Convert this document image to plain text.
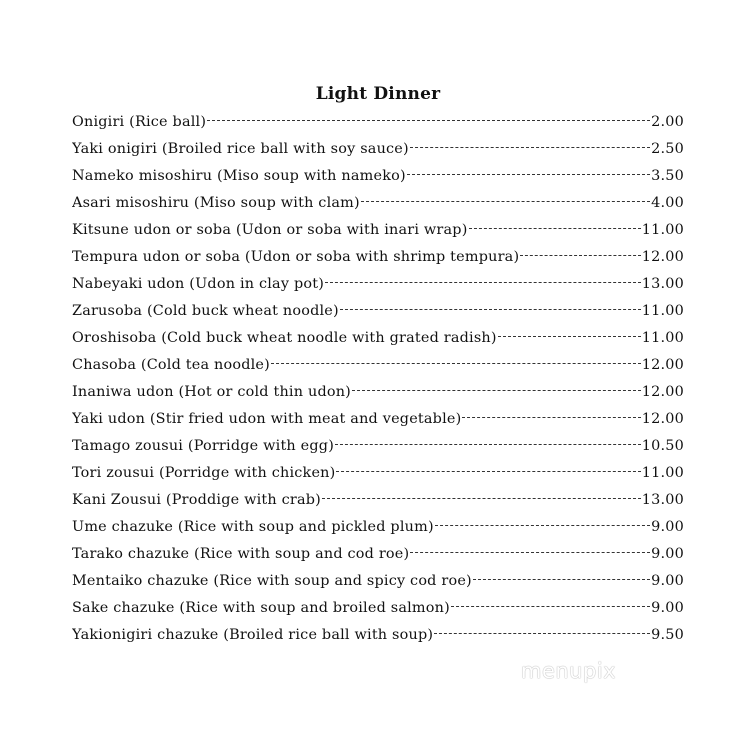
Light Dinner
Onigiri (Rice ball)	2.00
Yaki onigiri (Broiled rice ball with soy sauce)	2.50
Nameko misoshiru (Miso soup with nameko)	3.50
Asari misoshiru (Miso soup with clam)	4.00
Kitsune udon or soba (Udon or soba with inari wrap)	11.00
Tempura udon or soba (Udon or soba with shrimp tempura)	12.00
Nabeyaki udon (Udon in clay pot)	13.00
Zarusoba (Cold buck wheat noodle)	11.00
Oroshisoba (Cold buck wheat noodle with grated radish)	11.00
Chasoba (Cold tea noodle)	12.00
Inaniwa udon (Hot or cold thin udon)	12.00
Yaki udon (Stir fried udon with meat and vegetable)	12.00
Tamago zousui (Porridge with egg)	10.50
Tori zousui (Porridge with chicken)	11.00
Kani Zousui (Proddige with crab)	13.00
Ume chazuke (Rice with soup and pickled plum)	9.00
Tarako chazuke (Rice with soup and cod roe)	9.00
Mentaiko chazuke (Rice with soup and spicy cod roe)	9.00
Sake chazuke (Rice with soup and broiled salmon)	9.00
Yakionigiri chazuke (Broiled rice ball with soup)	9.50
menupix
